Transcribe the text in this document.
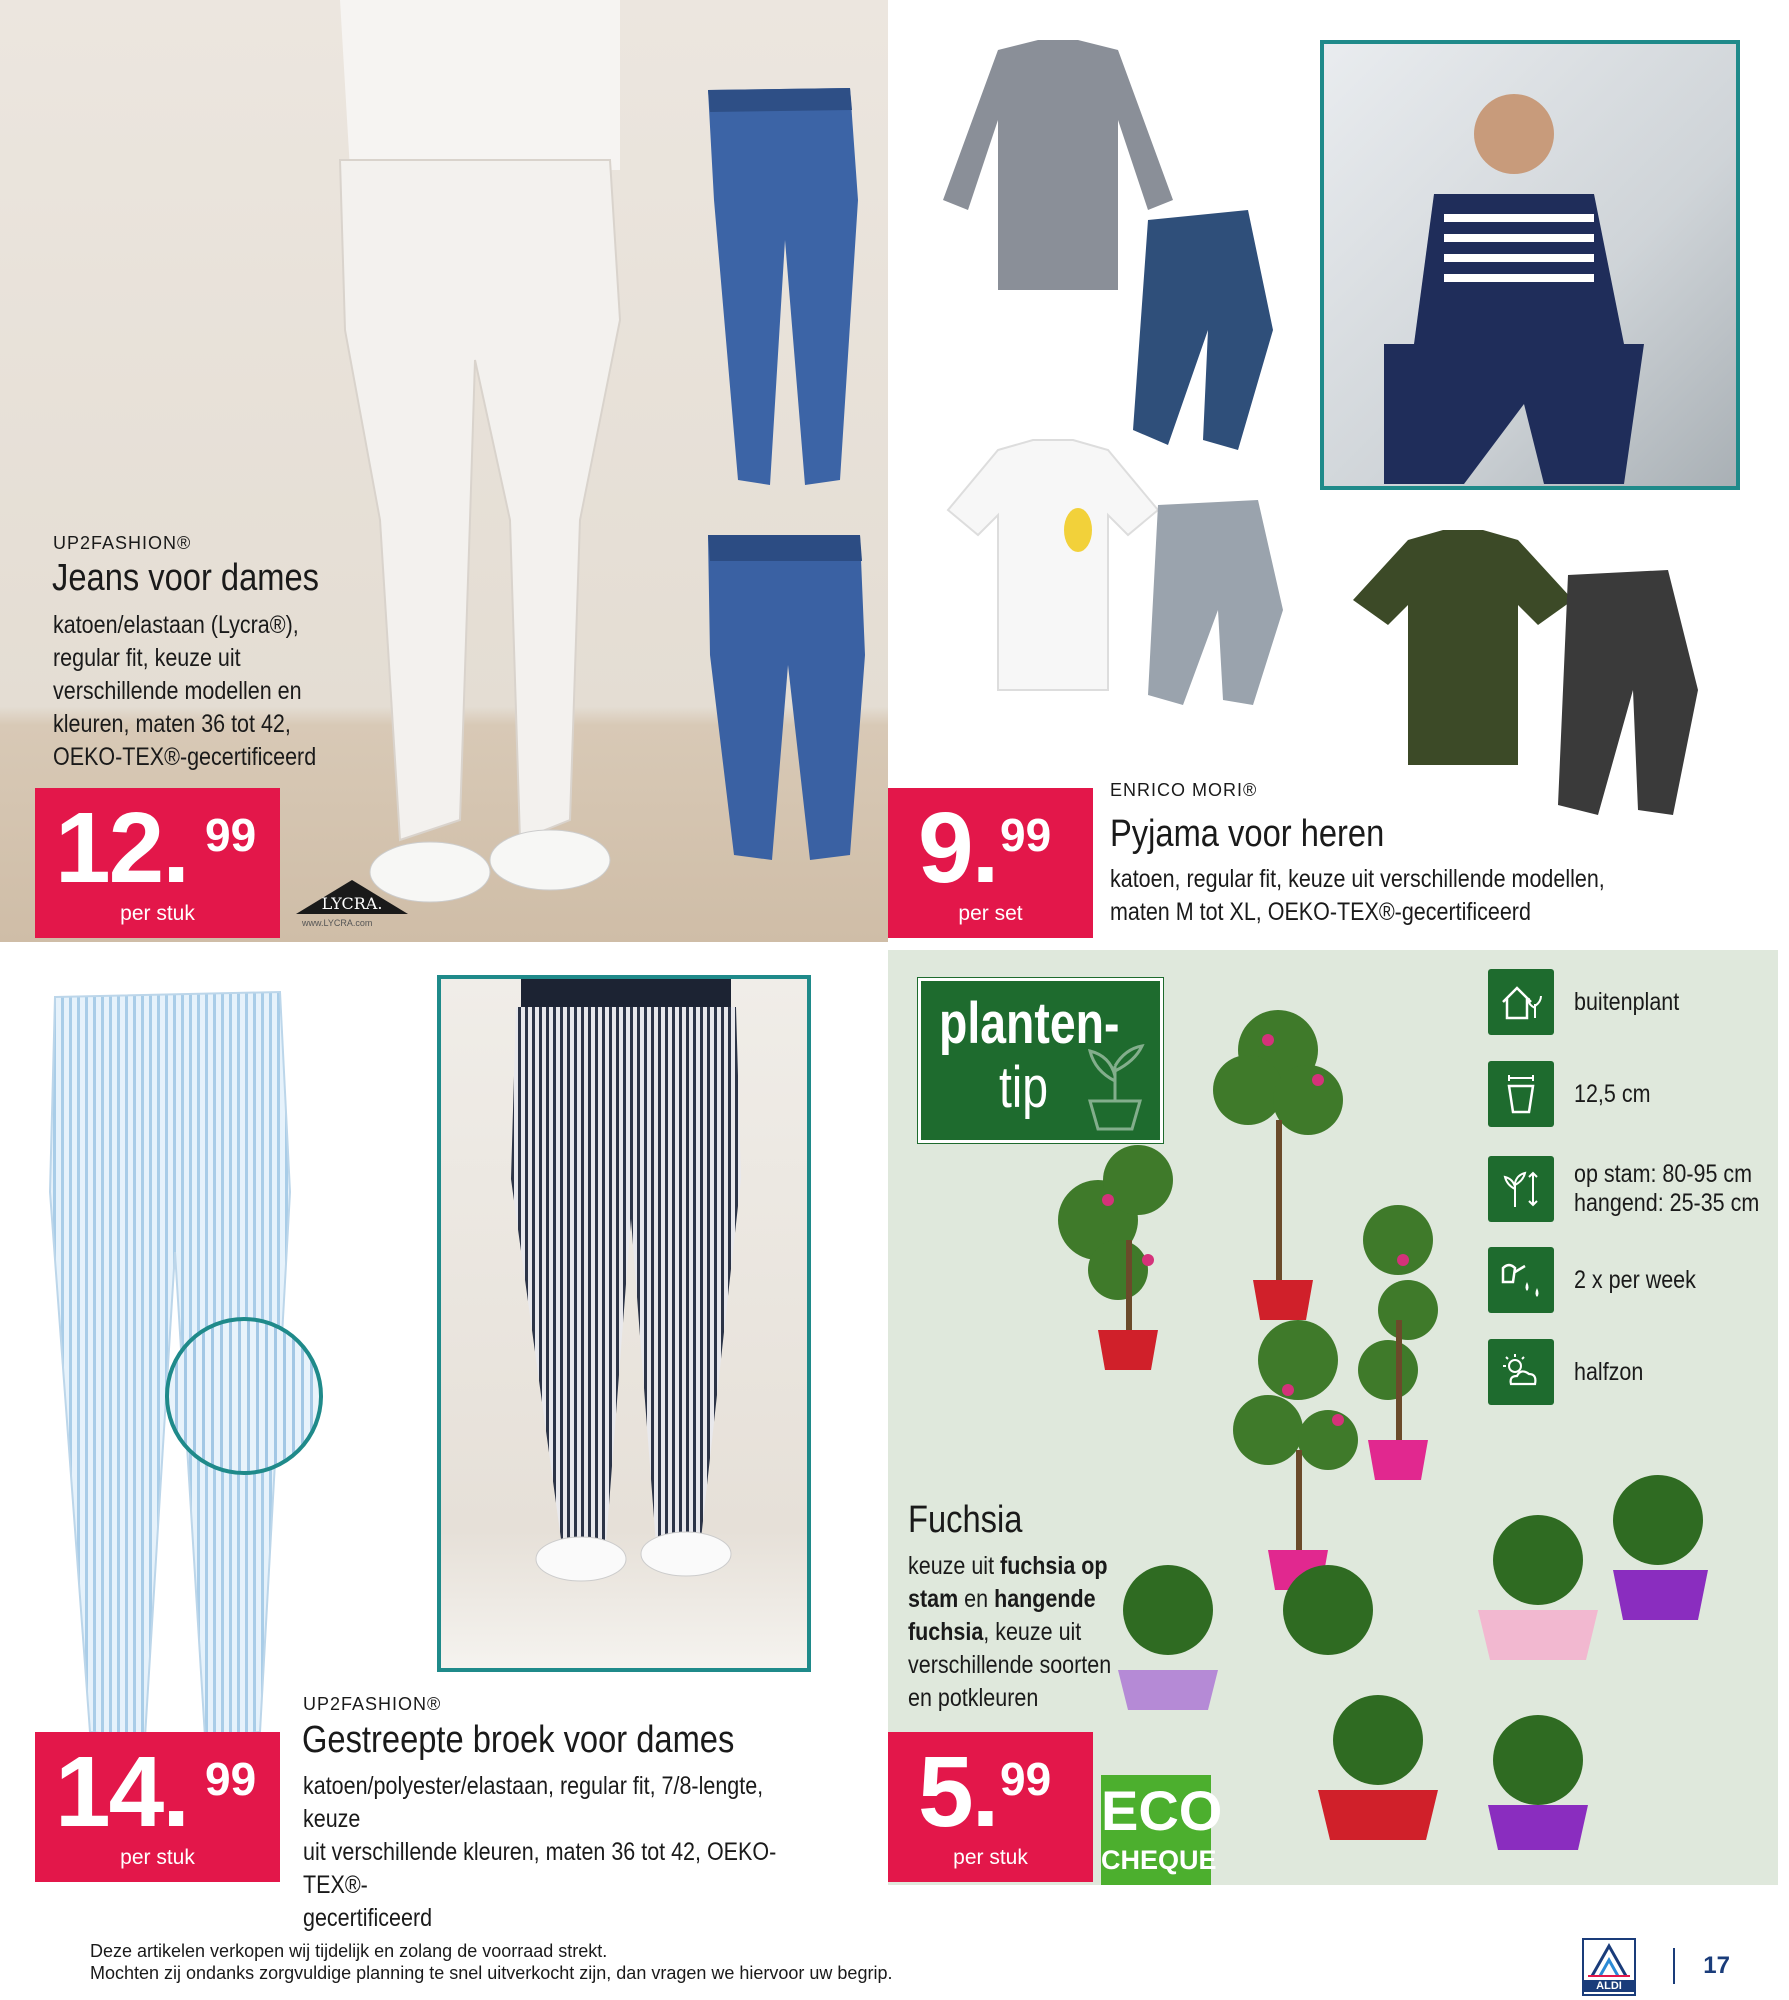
UP2FASHION®
Jeans voor dames
katoen/elastaan (Lycra®),
regular fit, keuze uit
verschillende modellen en
kleuren, maten 36 tot 42,
OEKO-TEX®-gecertificeerd
12. 99
per stuk	LYCRA.
www.LYCRA.com
ENRICO MORI®
Pyjama voor heren
katoen, regular fit, keuze uit verschillende modellen,
maten M tot XL, OEKO-TEX®-gecertificeerd
9. 99
per set
UP2FASHION®
Gestreepte broek voor dames
katoen/polyester/elastaan, regular fit, 7/8-lengte, keuze
uit verschillende kleuren, maten 36 tot 42, OEKO-TEX®-
gecertificeerd
14. 99
per stuk
planten-
tip
buitenplant
12,5 cm
op stam: 80-95 cm
hangend: 25-35 cm
2 x per week
halfzon
Fuchsia
keuze uit fuchsia op
stam en hangende
fuchsia, keuze uit
verschillende soorten
en potkleuren
5. 99
per stuk
ECO
CHEQUE
Deze artikelen verkopen wij tijdelijk en zolang de voorraad strekt.
Mochten zij ondanks zorgvuldige planning te snel uitverkocht zijn, dan vragen we hiervoor uw begrip.
ALDI
17
